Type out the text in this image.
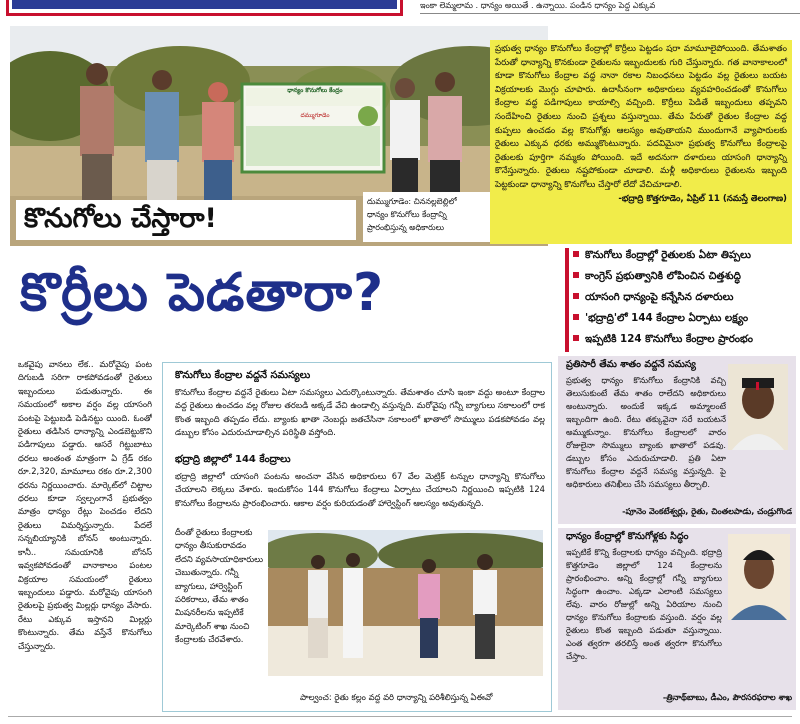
ఇంకా లెమ్మలామ . ధాన్యం అయితే . ఉన్నాయి. పండిన ధాన్యం పెద్ద ఎక్కువ
ధాన్యం కొనుగోలు కేంద్రం
దమ్ముగూడెం
దుమ్ముగూడెం: చిననల్లబెల్లిలో
ధాన్యం కొనుగోలు కేంద్రాన్ని
ప్రారంభిస్తున్న అధికారులు
కొనుగోలు చేస్తారా!

ప్రభుత్వ ధాన్యం కొనుగోలు కేంద్రాల్లో కొర్రీలు పెట్టడం షరా మామూలైపోయింది. తేమశాతం పేరుతో ధాన్యాన్ని కొనకుండా రైతులను ఇబ్బందులకు గురి చేస్తున్నారు. గత వానాకాలంలో కూడా కొనుగోలు కేంద్రాల వద్ద నానా రకాల నిబంధనలు పెట్టడం వల్ల రైతులు బయట విక్రయాలకు మొగ్గు చూపారు. ఉదాసీనంగా అధికారులు వ్యవహరించడంతో కొనుగోలు కేంద్రాల వద్ద పడిగాపులు కాయాల్సి వచ్చింది. కొర్రీలు పెడితే ఇబ్బందులు తప్పవని సందేహించి రైతులు నుంచి ప్రశ్నలు వస్తున్నాయి. తేమ పేరుతో రైతుల కేంద్రాల వద్ద కుప్పలు ఉంచడం వల్ల కొనుగోళ్లు ఆలస్యం అవుతాయని ముందుగానే వ్యాపారులకు రైతులు ఎక్కువ ధరకు అమ్ముకొంటున్నారు. పదవిమైనా ప్రభుత్వ కొనుగోలు కేంద్రాలపై రైతులకు పూర్తిగా నమ్మకం పోయింది. ఇదే అదనుగా దళారులు యాసంగి ధాన్యాన్ని కొనేస్తున్నారు. రైతులు నష్టపోకుండా చూడాలి. మళ్లీ అధికారులు రైతులను ఇబ్బంది పెట్టకుండా ధాన్యాన్ని కొనుగోలు చేస్తారో లేదో వేచిచూడాలి.

-భద్రాద్రి కొత్తగూడెం, ఏప్రిల్ 11 (నమస్తే తెలంగాణ)
కొర్రీలు పెడతారా?
కొనుగోలు కేంద్రాల్లో రైతులకు ఏటా తిప్పలు
కాంగ్రెస్ ప్రభుత్వానికి లోపించిన చిత్తశుద్ధి
యాసంగి ధాన్యంపై కన్నేసిన దళారులు
'భద్రాద్రి'లో 144 కేంద్రాల ఏర్పాటు లక్ష్యం
ఇప్పటికి 124 కొనుగోలు కేంద్రాల ప్రారంభం

ఒకవైపు వానలు లేక.. మరోవైపు పంట దిగుబడి సరిగా రాకపోవడంతో రైతులు ఇబ్బందులు పడుతున్నారు. ఈ సమయంలో అకాల వర్షం వల్ల యాసంగి పంటపై పెట్టుబడి పెడినట్టు యింది. ఓంతో రైతులు తడిసిన ధాన్యాన్ని ఎండబెట్టుకొని పడిగాపులు పడ్డారు. ఆసరే గిట్టుబాటు ధరలు అంతంత మాత్రంగా ఏ గ్రేడ్ రకం రూ.2,320, మామూలు రకం రూ.2,300 ధరను నిర్ణయించారు. మార్కెట్‌లో చిట్టాల ధరలు కూడా స్వల్పంగానే ప్రభుత్వం మాత్రం ధాన్యం రేట్లు పెంచడం లేదని రైతులు విమర్శిస్తున్నారు. పేదలే సన్నబియ్యానికి బోనస్ అంటున్నారు. కానీ.. సమయానికి బోనస్ ఇవ్వకపోవడంతో వానాకాలం పంటల విక్రయాల సమయంలో రైతులు ఇబ్బందులు పడ్డారు. మరోవైపు యాసంగి రైతులపై ప్రభుత్వ మిల్లర్లు ధాన్యం వేసారు. రేటు ఎక్కువ ఇస్తానని మిల్లర్లు కొంటున్నారు. తేమ వస్తేనే కొనుగోలు చేస్తున్నారు.

కొనుగోలు కేంద్రాల వద్దనే సమస్యలు

కొనుగోలు కేంద్రాల వద్దనే రైతులు ఏటా సమస్యలు ఎదుర్కొంటున్నారు. తేమశాతం చూసి ఇంకా వద్దు అంటూ కేంద్రాల వద్ద రైతులు ఉంచడం వల్ల రోజుల తరబడి అక్కడే వేచి ఉండాల్సి వస్తున్నది. మరోవైపు గన్నీ బ్యాగులు సకాలంలో రాక కొంత ఇబ్బంది తప్పడం లేదు. బ్యాంకు ఖాతా నెంబర్లు జతచేసినా సకాలంలో ఖాతాలో సొమ్ములు పడకపోవడం వల్ల డబ్బుల కోసం ఎదురుచూడాల్సిన పరిస్థితి వస్తోంది.

భద్రాద్రి జిల్లాలో 144 కేంద్రాలు

భద్రాద్రి జిల్లాలో యాసంగి పంటను అంచనా వేసిన అధికారులు 67 వేల మెట్రిక్ టన్నుల ధాన్యాన్ని కొనుగోలు చేయాలని లెక్కలు వేశారు. ఇందుకోసం 144 కొనుగోలు కేంద్రాలు ఏర్పాటు చేయాలని నిర్ణయించి ఇప్పటికి 124 కొనుగోలు కేంద్రాలను ప్రారంభించారు. ఆకాల వర్షం కురియడంతో హార్వెస్టింగ్ ఆలస్యం అవుతున్నది.

దీంతో రైతులు కేంద్రాలకు ధాన్యం తీసుకురావడం లేదని వ్యవసాయాధికారులు చెబుతున్నారు. గన్నీ బ్యాగులు, హార్వెస్టింగ్ పరికరాలు, తేమ శాతం మిషనరీలను ఇప్పటికే మార్కెటింగ్ శాఖ నుంచి కేంద్రాలకు చేరవేశారు.

పాల్వంచ: రైతు కల్లం వద్ద వరి ధాన్యాన్ని పరిశీలిస్తున్న ఏఈవో
ప్రతిసారీ తేమ శాతం వద్దనే సమస్య

ప్రభుత్వ ధాన్యం కొనుగోలు కేంద్రానికి వచ్చి తెలుసుకుంటే తేమ శాతం రాలేదని అధికారులు అంటున్నారు. అందుకే ఇక్కడ అమ్మాలంటే ఇబ్బందిగా ఉంది. రేటు తక్కువైనా సరే బయటనే అమ్ముకున్నాం. కొనుగోలు కేంద్రాలలో వారం రోజులైనా సొమ్ములు బ్యాంకు ఖాతాలో పడవు. డబ్బుల కోసం ఎదురుచూడాలి. ప్రతి ఏటా కొనుగోలు కేంద్రాల వద్దనే సమస్య వస్తున్నది. పై అధికారులు తనిఖీలు చేసి సమస్యలు తీర్చాలి.

-పూనెం వెంకటేశ్వర్లు, రైతు, చింతలపాడు, చండ్రుగొండ
ధాన్యం కేంద్రాల్లో కొనుగోళ్లకు సిద్ధం

ఇప్పటికే కొన్ని కేంద్రాలకు ధాన్యం వచ్చింది. భద్రాద్రి కొత్తగూడెం జిల్లాలో 124 కేంద్రాలను ప్రారంభించాం. అన్ని కేంద్రాల్లో గన్నీ బ్యాగులు సిద్ధంగా ఉంచాం. ఎక్కడా ఎలాంటి సమస్యలు లేవు. వారం రోజుల్లో అన్ని ఏరియాల నుంచి ధాన్యం కొనుగోలు కేంద్రాలకు వస్తుంది. వర్షం వల్ల రైతులు కొంత ఇబ్బంది పడుతూ వస్తున్నాయి. ఎంత త్వరగా తరలిస్తే అంత త్వరగా కొనుగోలు చేస్తాం.

-త్రినాథ్‌బాబు, డీఎం, పౌరసరఫరాల శాఖ
